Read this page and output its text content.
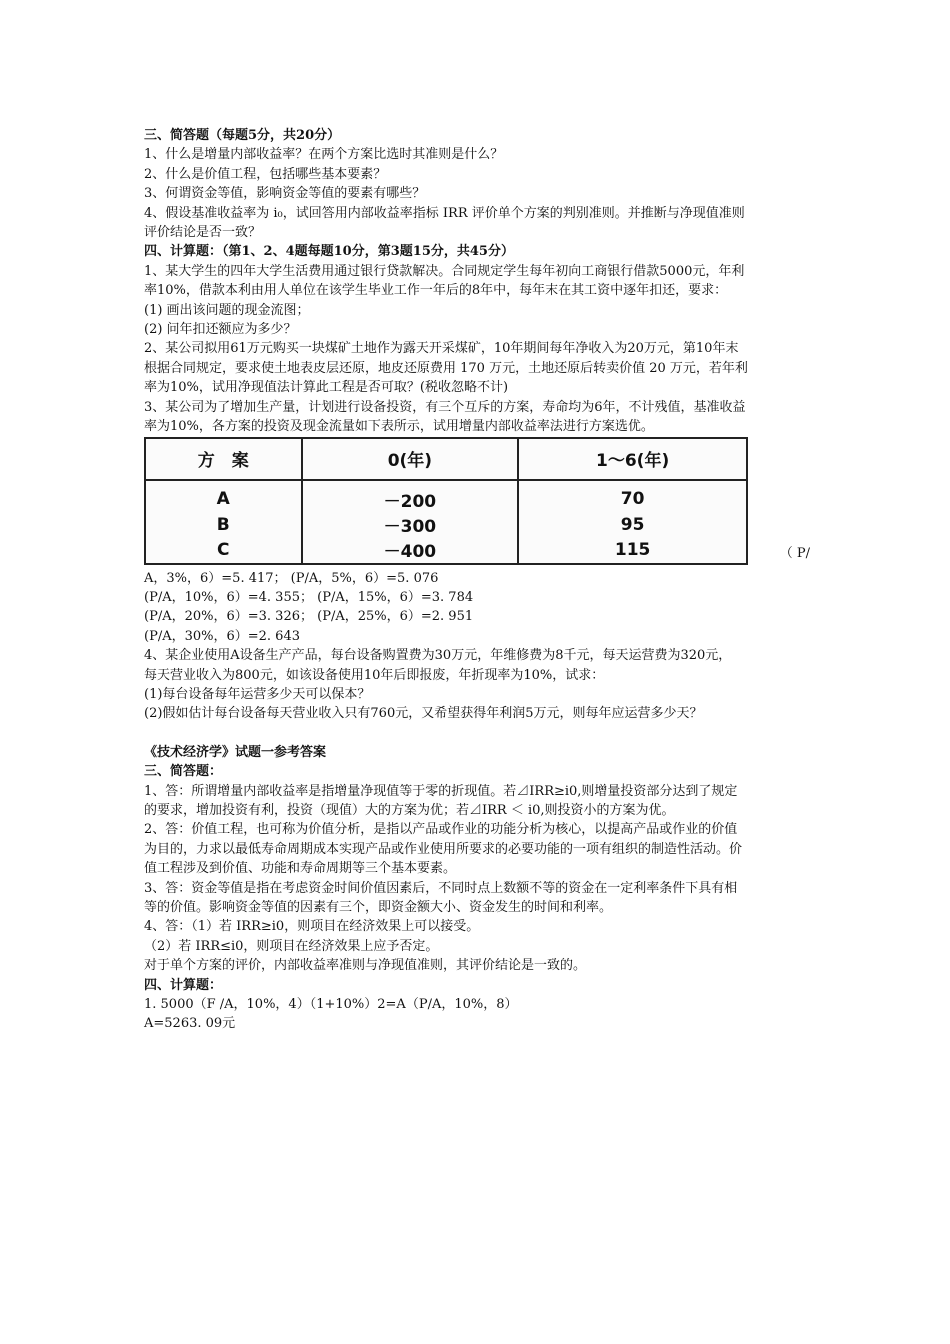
三、简答题（每题5分，共20分）
1、什么是增量内部收益率？在两个方案比选时其准则是什么？
2、什么是价值工程，包括哪些基本要素？
3、何谓资金等值，影响资金等值的要素有哪些？
4、假设基准收益率为 i₀，试回答用内部收益率指标 IRR 评价单个方案的判别准则。并推断与净现值准则
评价结论是否一致？
四、计算题：（第1、2、4题每题10分，第3题15分，共45分）
1、某大学生的四年大学生活费用通过银行贷款解决。合同规定学生每年初向工商银行借款5000元，年利
率10%，借款本利由用人单位在该学生毕业工作一年后的8年中，每年末在其工资中逐年扣还，要求：
(1) 画出该问题的现金流图；
(2) 问年扣还额应为多少？
2、某公司拟用61万元购买一块煤矿土地作为露天开采煤矿，10年期间每年净收入为20万元，第10年末
根据合同规定，要求使土地表皮层还原，地皮还原费用 170 万元，土地还原后转卖价值 20 万元，若年利
率为10%，试用净现值法计算此工程是否可取？(税收忽略不计)
3、某公司为了增加生产量，计划进行设备投资，有三个互斥的方案，寿命均为6年，不计残值，基准收益
率为10%，各方案的投资及现金流量如下表所示，试用增量内部收益率法进行方案选优。
方　案	0(年)	1～6(年)
A	－200	70
B	－300	95
C	－400	115	（ P/
A，3%，6）=5. 417； (P/A，5%，6）=5. 076
(P/A，10%，6）=4. 355； (P/A，15%，6）=3. 784
(P/A，20%，6）=3. 326； (P/A，25%，6）=2. 951
(P/A，30%，6）=2. 643
4、某企业使用A设备生产产品，每台设备购置费为30万元，年维修费为8千元，每天运营费为320元，
每天营业收入为800元，如该设备使用10年后即报废，年折现率为10%，试求：
(1)每台设备每年运营多少天可以保本？
(2)假如估计每台设备每天营业收入只有760元，又希望获得年利润5万元，则每年应运营多少天？
《技术经济学》试题一参考答案
三、简答题：
1、答：所谓增量内部收益率是指增量净现值等于零的折现值。若⊿IRR≥i0,则增量投资部分达到了规定
的要求，增加投资有利，投资（现值）大的方案为优；若⊿IRR ＜ i0,则投资小的方案为优。
2、答：价值工程，也可称为价值分析，是指以产品或作业的功能分析为核心，以提高产品或作业的价值
为目的，力求以最低寿命周期成本实现产品或作业使用所要求的必要功能的一项有组织的制造性活动。价
值工程涉及到价值、功能和寿命周期等三个基本要素。
3、答：资金等值是指在考虑资金时间价值因素后，不同时点上数额不等的资金在一定利率条件下具有相
等的价值。影响资金等值的因素有三个，即资金额大小、资金发生的时间和利率。
4、答：（1）若 IRR≥i0，则项目在经济效果上可以接受。
（2）若 IRR≤i0，则项目在经济效果上应予否定。
对于单个方案的评价，内部收益率准则与净现值准则，其评价结论是一致的。
四、计算题：
1. 5000（F /A，10%，4）（1+10%）2=A（P/A，10%，8）
A=5263. 09元
